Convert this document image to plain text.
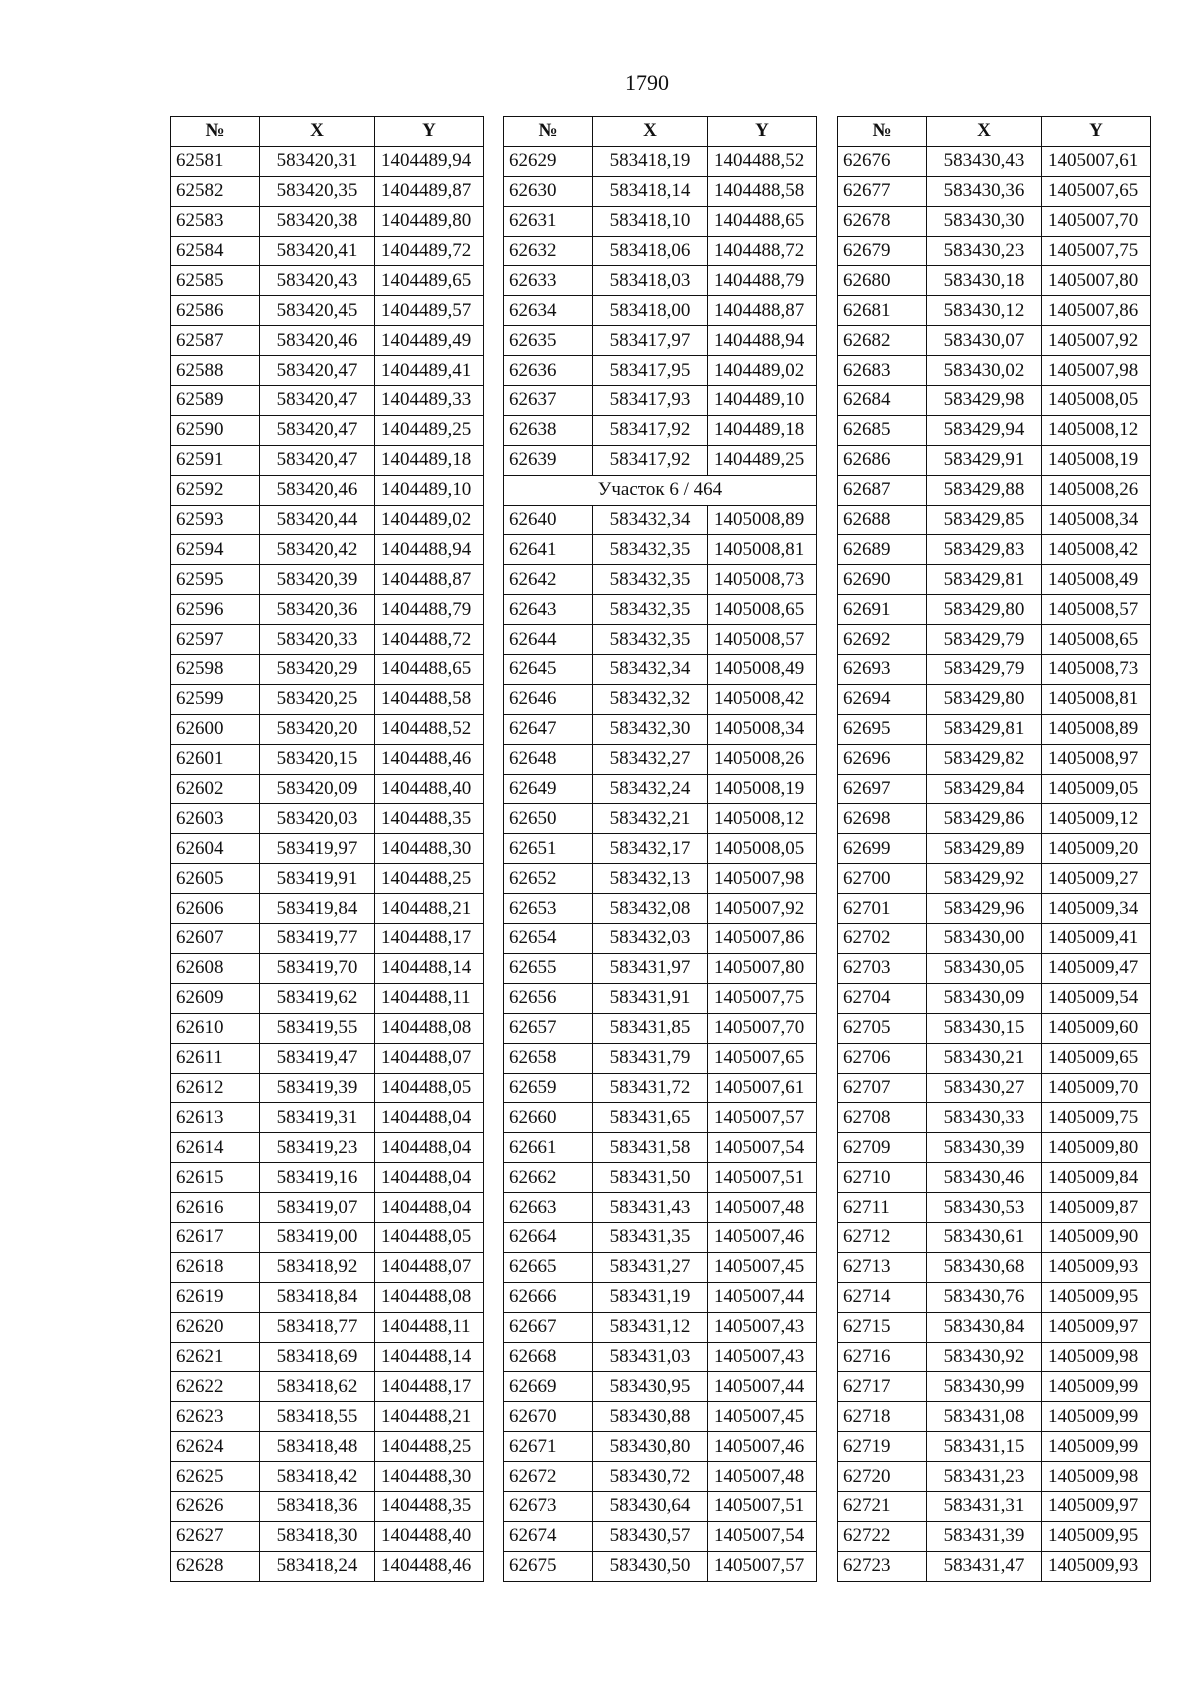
1790
№	X	Y
62581	583420,31	1404489,94
62582	583420,35	1404489,87
62583	583420,38	1404489,80
62584	583420,41	1404489,72
62585	583420,43	1404489,65
62586	583420,45	1404489,57
62587	583420,46	1404489,49
62588	583420,47	1404489,41
62589	583420,47	1404489,33
62590	583420,47	1404489,25
62591	583420,47	1404489,18
62592	583420,46	1404489,10
62593	583420,44	1404489,02
62594	583420,42	1404488,94
62595	583420,39	1404488,87
62596	583420,36	1404488,79
62597	583420,33	1404488,72
62598	583420,29	1404488,65
62599	583420,25	1404488,58
62600	583420,20	1404488,52
62601	583420,15	1404488,46
62602	583420,09	1404488,40
62603	583420,03	1404488,35
62604	583419,97	1404488,30
62605	583419,91	1404488,25
62606	583419,84	1404488,21
62607	583419,77	1404488,17
62608	583419,70	1404488,14
62609	583419,62	1404488,11
62610	583419,55	1404488,08
62611	583419,47	1404488,07
62612	583419,39	1404488,05
62613	583419,31	1404488,04
62614	583419,23	1404488,04
62615	583419,16	1404488,04
62616	583419,07	1404488,04
62617	583419,00	1404488,05
62618	583418,92	1404488,07
62619	583418,84	1404488,08
62620	583418,77	1404488,11
62621	583418,69	1404488,14
62622	583418,62	1404488,17
62623	583418,55	1404488,21
62624	583418,48	1404488,25
62625	583418,42	1404488,30
62626	583418,36	1404488,35
62627	583418,30	1404488,40
62628	583418,24	1404488,46
№	X	Y
62629	583418,19	1404488,52
62630	583418,14	1404488,58
62631	583418,10	1404488,65
62632	583418,06	1404488,72
62633	583418,03	1404488,79
62634	583418,00	1404488,87
62635	583417,97	1404488,94
62636	583417,95	1404489,02
62637	583417,93	1404489,10
62638	583417,92	1404489,18
62639	583417,92	1404489,25
Участок 6 / 464		
62640	583432,34	1405008,89
62641	583432,35	1405008,81
62642	583432,35	1405008,73
62643	583432,35	1405008,65
62644	583432,35	1405008,57
62645	583432,34	1405008,49
62646	583432,32	1405008,42
62647	583432,30	1405008,34
62648	583432,27	1405008,26
62649	583432,24	1405008,19
62650	583432,21	1405008,12
62651	583432,17	1405008,05
62652	583432,13	1405007,98
62653	583432,08	1405007,92
62654	583432,03	1405007,86
62655	583431,97	1405007,80
62656	583431,91	1405007,75
62657	583431,85	1405007,70
62658	583431,79	1405007,65
62659	583431,72	1405007,61
62660	583431,65	1405007,57
62661	583431,58	1405007,54
62662	583431,50	1405007,51
62663	583431,43	1405007,48
62664	583431,35	1405007,46
62665	583431,27	1405007,45
62666	583431,19	1405007,44
62667	583431,12	1405007,43
62668	583431,03	1405007,43
62669	583430,95	1405007,44
62670	583430,88	1405007,45
62671	583430,80	1405007,46
62672	583430,72	1405007,48
62673	583430,64	1405007,51
62674	583430,57	1405007,54
62675	583430,50	1405007,57
№	X	Y
62676	583430,43	1405007,61
62677	583430,36	1405007,65
62678	583430,30	1405007,70
62679	583430,23	1405007,75
62680	583430,18	1405007,80
62681	583430,12	1405007,86
62682	583430,07	1405007,92
62683	583430,02	1405007,98
62684	583429,98	1405008,05
62685	583429,94	1405008,12
62686	583429,91	1405008,19
62687	583429,88	1405008,26
62688	583429,85	1405008,34
62689	583429,83	1405008,42
62690	583429,81	1405008,49
62691	583429,80	1405008,57
62692	583429,79	1405008,65
62693	583429,79	1405008,73
62694	583429,80	1405008,81
62695	583429,81	1405008,89
62696	583429,82	1405008,97
62697	583429,84	1405009,05
62698	583429,86	1405009,12
62699	583429,89	1405009,20
62700	583429,92	1405009,27
62701	583429,96	1405009,34
62702	583430,00	1405009,41
62703	583430,05	1405009,47
62704	583430,09	1405009,54
62705	583430,15	1405009,60
62706	583430,21	1405009,65
62707	583430,27	1405009,70
62708	583430,33	1405009,75
62709	583430,39	1405009,80
62710	583430,46	1405009,84
62711	583430,53	1405009,87
62712	583430,61	1405009,90
62713	583430,68	1405009,93
62714	583430,76	1405009,95
62715	583430,84	1405009,97
62716	583430,92	1405009,98
62717	583430,99	1405009,99
62718	583431,08	1405009,99
62719	583431,15	1405009,99
62720	583431,23	1405009,98
62721	583431,31	1405009,97
62722	583431,39	1405009,95
62723	583431,47	1405009,93
